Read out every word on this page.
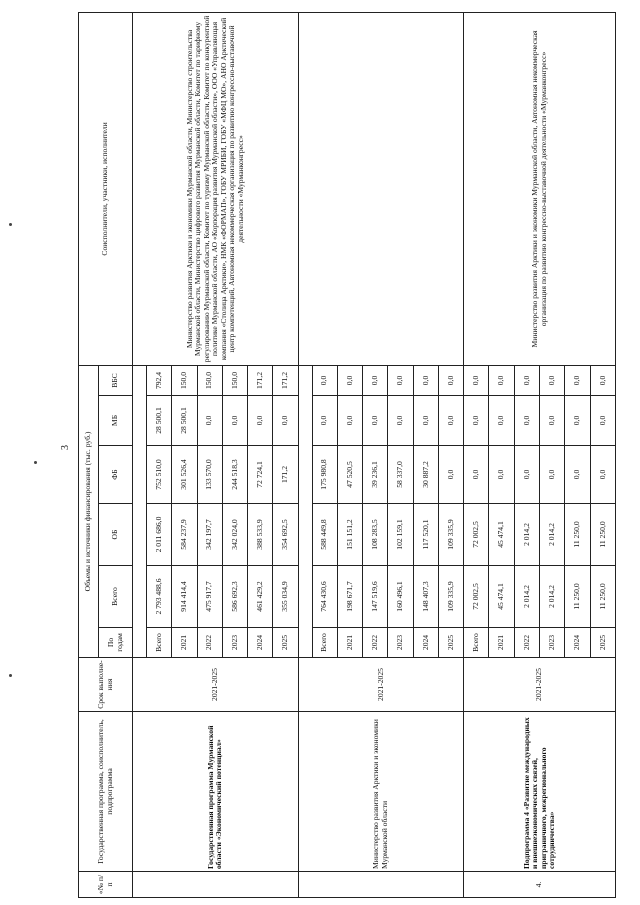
3
«№ п/п	Государственная программа, соисполнитель, подпрограмма	Срок выполне-ния	Объемы и источники финансирования (тыс. руб.)						Соисполнители, участники, исполнители
			По годам	Всего	ОБ	ФБ	МБ	ВБС	
	Государственная программа Мурманской области «Экономический потенциал»	2021-2025							Министерство развития Арктики и экономики Мурманской области, Министерство строительства Мурманской области, Министерство цифрового развития Мурманской области, Комитет по тарифному регулированию Мурманской области, Комитет по туризму Мурманской области, Комитет по конкурентной политике Мурманской области, АО «Корпорация развития Мурманской области», ООО «Управляющая компания «Столица Арктики», НМК «ФОРМАП», ГОБУ МРИБИ, ГОБУ «МФЦ МО», АНО Арктический центр компетенций, Автономная некоммерческая организация по развитию конгрессно-выставочной деятельности «Мурманконгресс»
			Всего	2 793 488,6	2 011 686,0	752 510,0	28 500,1	792,4	
			2021	914 414,4	584 237,9	301 526,4	28 500,1	150,0	
			2022	475 917,7	342 197,7	133 570,0	0,0	150,0	
			2023	586 692,3	342 024,0	244 518,3	0,0	150,0	
			2024	461 429,2	388 533,9	72 724,1	0,0	171,2	
			2025	355 034,9	354 692,5	171,2	0,0	171,2	
	Министерство развития Арктики и экономики Мурманской области	2021-2025							
			Всего	764 430,6	588 449,8	175 980,8	0,0	0,0	
			2021	198 671,7	151 151,2	47 520,5	0,0	0,0	
			2022	147 519,6	108 283,5	39 236,1	0,0	0,0	
			2023	160 496,1	102 159,1	58 337,0	0,0	0,0	
			2024	148 407,3	117 520,1	30 887,2	0,0	0,0	
			2025	109 335,9	109 335,9	0,0	0,0	0,0	
4.	Подпрограмма 4 «Развитие международных и внешнеэкономических связей, приграничного, межрегионального сотрудничества»	2021-2025	Всего	72 002,5	72 002,5	0,0	0,0	0,0	Министерство развития Арктики и экономики Мурманской области, Автономная некоммерческая организация по развитию конгрессно-выставочной деятельности «Мурманконгресс»
			2021	45 474,1	45 474,1	0,0	0,0	0,0	
			2022	2 014,2	2 014,2	0,0	0,0	0,0	
			2023	2 014,2	2 014,2	0,0	0,0	0,0	
			2024	11 250,0	11 250,0	0,0	0,0	0,0	
			2025	11 250,0	11 250,0	0,0	0,0	0,0	
